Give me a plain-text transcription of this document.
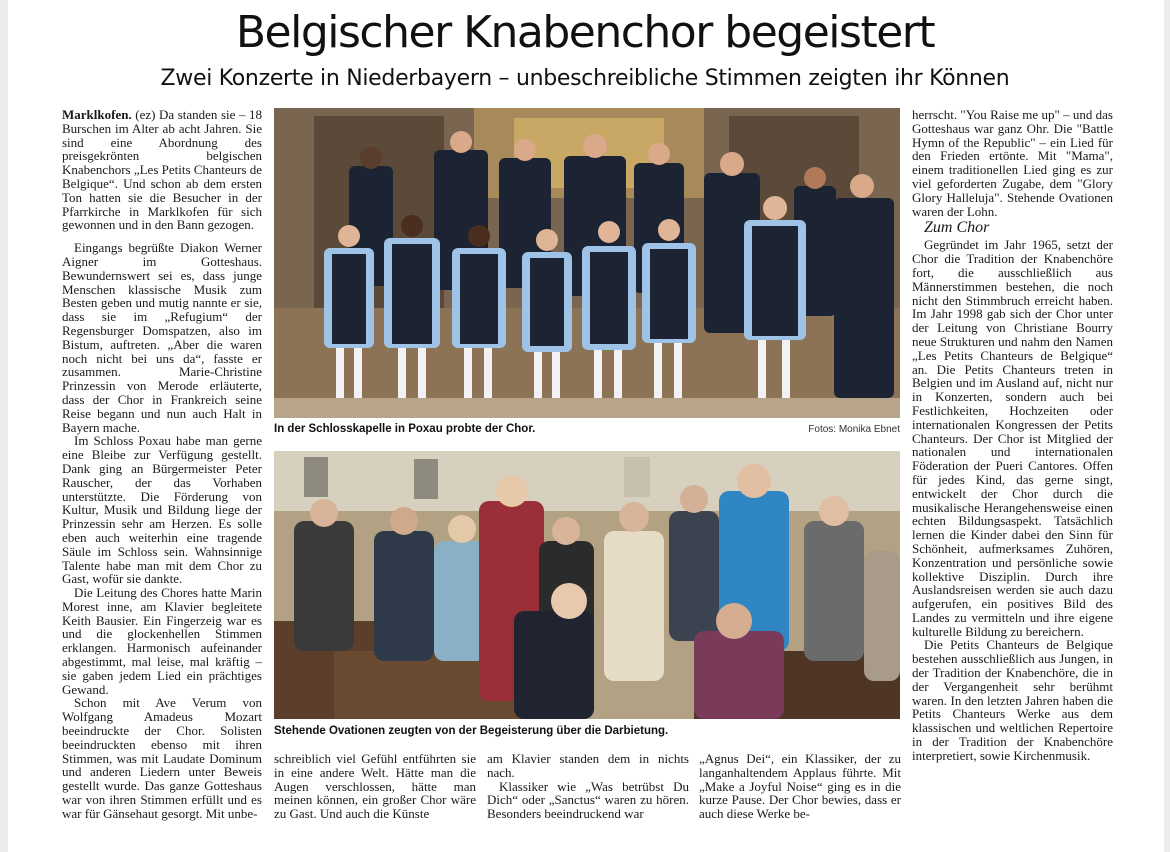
Belgischer Knabenchor begeistert
Zwei Konzerte in Niederbayern – unbeschreibliche Stimmen zeigten ihr Können

Marklkofen. (ez) Da standen sie – 18 Burschen im Alter ab acht Jahren. Sie sind eine Abordnung des preisgekrönten belgischen Knabenchors „Les Petits Chanteurs de Belgique“. Und schon ab dem ersten Ton hatten sie die Besucher in der Pfarrkirche in Marklkofen für sich gewonnen und in den Bann gezogen.

Eingangs begrüßte Diakon Werner Aigner im Gotteshaus. Bewundernswert sei es, dass junge Menschen klassische Musik zum Besten geben und mutig nannte er sie, dass sie im „Refugium“ der Regensburger Domspatzen, also im Bistum, auftreten. „Aber die waren noch nicht bei uns da“, fasste er zusammen. Marie-Christine Prinzessin von Merode erläuterte, dass der Chor in Frankreich seine Reise begann und nun auch Halt in Bayern mache.

Im Schloss Poxau habe man gerne eine Bleibe zur Verfügung gestellt. Dank ging an Bürgermeister Peter Rauscher, der das Vorhaben unterstützte. Die Förderung von Kultur, Musik und Bildung liege der Prinzessin sehr am Herzen. Es solle eben auch weiterhin eine tragende Säule im Schloss sein. Wahnsinnige Talente habe man mit dem Chor zu Gast, wofür sie dankte.

Die Leitung des Chores hatte Marin Morest inne, am Klavier begleitete Keith Bausier. Ein Fingerzeig war es und die glockenhellen Stimmen erklangen. Harmonisch aufeinander abgestimmt, mal leise, mal kräftig – sie gaben jedem Lied ein prächtiges Gewand.

Schon mit Ave Verum von Wolfgang Amadeus Mozart beeindruckte der Chor. Solisten beeindruckten ebenso mit ihren Stimmen, was mit Laudate Dominum und anderen Liedern unter Beweis gestellt wurde. Das ganze Gotteshaus war von ihren Stimmen erfüllt und es war für Gänsehaut gesorgt. Mit unbe-

In der Schlosskapelle in Poxau probte der Chor.	Fotos: Monika Ebnet
Stehende Ovationen zeugten von der Begeisterung über die Darbietung.

schreiblich viel Gefühl entführten sie in eine andere Welt. Hätte man die Augen verschlossen, hätte man meinen können, ein großer Chor wäre zu Gast. Und auch die Künste

am Klavier standen dem in nichts nach.

Klassiker wie „Was betrübst Du Dich“ oder „Sanctus“ waren zu hören. Besonders beeindruckend war

„Agnus Dei“, ein Klassiker, der zu langanhaltendem Applaus führte. Mit „Make a Joyful Noise“ ging es in die kurze Pause. Der Chor bewies, dass er auch diese Werke be-

herrscht. "You Raise me up" – und das Gotteshaus war ganz Ohr. Die "Battle Hymn of the Republic" – ein Lied für den Frieden ertönte. Mit "Mama", einem traditionellen Lied ging es zur viel geforderten Zugabe, dem "Glory Glory Halleluja". Stehende Ovationen waren der Lohn.

Zum Chor

Gegründet im Jahr 1965, setzt der Chor die Tradition der Knabenchöre fort, die ausschließlich aus Männerstimmen bestehen, die noch nicht den Stimmbruch erreicht haben. Im Jahr 1998 gab sich der Chor unter der Leitung von Christiane Bourry neue Strukturen und nahm den Namen „Les Petits Chanteurs de Belgique“ an. Die Petits Chanteurs treten in Belgien und im Ausland auf, nicht nur in Konzerten, sondern auch bei Festlichkeiten, Hochzeiten oder internationalen Kongressen der Petits Chanteurs. Der Chor ist Mitglied der nationalen und internationalen Föderation der Pueri Cantores. Offen für jedes Kind, das gerne singt, entwickelt der Chor durch die musikalische Herangehensweise einen echten Bildungsaspekt. Tatsächlich lernen die Kinder dabei den Sinn für Schönheit, aufmerksames Zuhören, Konzentration und persönliche sowie kollektive Disziplin. Durch ihre Auslandsreisen werden sie auch dazu aufgerufen, ein positives Bild des Landes zu vermitteln und ihre eigene kulturelle Bildung zu bereichern.

Die Petits Chanteurs de Belgique bestehen ausschließlich aus Jungen, in der Tradition der Knabenchöre, die in der Vergangenheit sehr berühmt waren. In den letzten Jahren haben die Petits Chanteurs Werke aus dem klassischen und weltlichen Repertoire in der Tradition der Knabenchöre interpretiert, sowie Kirchenmusik.
